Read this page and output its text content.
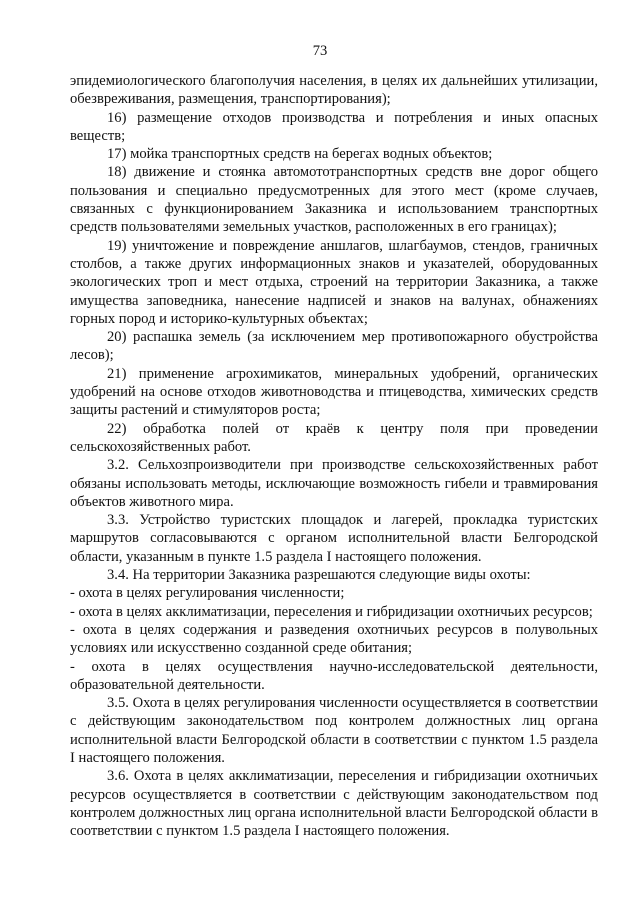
73

эпидемиологического благополучия населения, в целях их дальнейших утилизации, обезвреживания, размещения, транспортирования);

16) размещение отходов производства и потребления и иных опасных веществ;

17) мойка транспортных средств на берегах водных объектов;

18) движение и стоянка автомототранспортных средств вне дорог общего пользования и специально предусмотренных для этого мест (кроме случаев, связанных с функционированием Заказника и использованием транспортных средств пользователями земельных участков, расположенных в его границах);

19) уничтожение и повреждение аншлагов, шлагбаумов, стендов, граничных столбов, а также других информационных знаков и указателей, оборудованных экологических троп и мест отдыха, строений на территории Заказника, а также имущества заповедника, нанесение надписей и знаков на валунах, обнажениях горных пород и историко-культурных объектах;

20) распашка земель (за исключением мер противопожарного обустройства лесов);

21) применение агрохимикатов, минеральных удобрений, органических удобрений на основе отходов животноводства и птицеводства, химических средств защиты растений и стимуляторов роста;

22) обработка полей от краёв к центру поля при проведении сельскохозяйственных работ.

3.2. Сельхозпроизводители при производстве сельскохозяйственных работ обязаны использовать методы, исключающие возможность гибели и травмирования объектов животного мира.

3.3. Устройство туристских площадок и лагерей, прокладка туристских маршрутов согласовываются с органом исполнительной власти Белгородской области, указанным в пункте 1.5 раздела I настоящего положения.

3.4. На территории Заказника разрешаются следующие виды охоты:

- охота в целях регулирования численности;

- охота в целях акклиматизации, переселения и гибридизации охотничьих ресурсов;

- охота в целях содержания и разведения охотничьих ресурсов в полувольных условиях или искусственно созданной среде обитания;

- охота в целях осуществления научно-исследовательской деятельности, образовательной деятельности.

3.5. Охота в целях регулирования численности осуществляется в соответствии с действующим законодательством под контролем должностных лиц органа исполнительной власти Белгородской области в соответствии с пунктом 1.5 раздела I настоящего положения.

3.6. Охота в целях акклиматизации, переселения и гибридизации охотничьих ресурсов осуществляется в соответствии с действующим законодательством под контролем должностных лиц органа исполнительной власти Белгородской области в соответствии с пунктом 1.5 раздела I настоящего положения.
